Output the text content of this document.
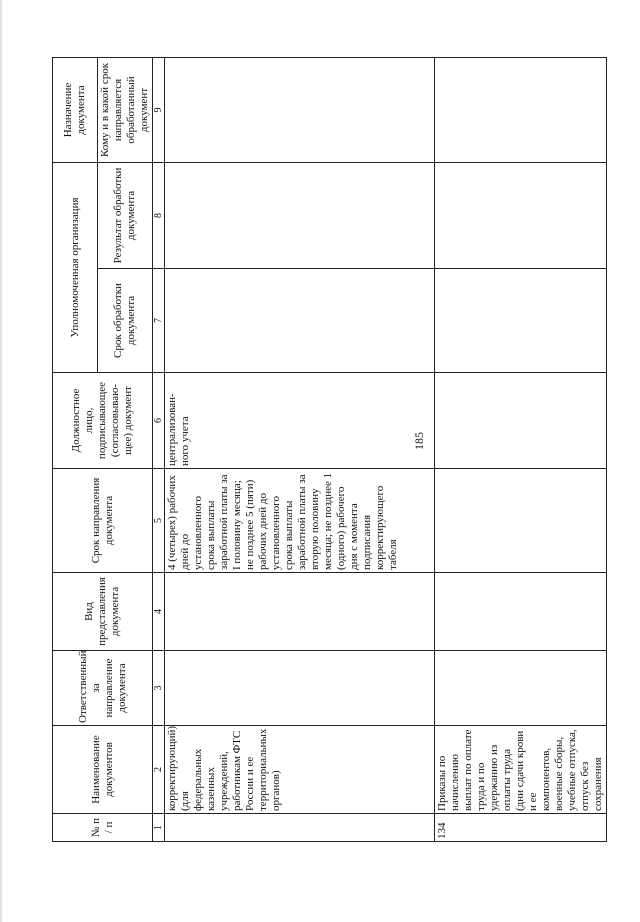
185
№ п / п	Наименование документов	Ответственный за направление документа	Вид представления документа	Срок направления документа	Должностное лицо, подписывающее (согласовываю-щее) документ	Уполномоченная организация		Назначение документа
						Срок обработки документа	Результат обработки документа	Кому и в какой срок направляется обработанный документ
1	2	3	4	5	6	7	8	9
	корректирующий) (для федеральных казенных учреждений, работникам ФТС России и ее территориальных органов)			4 (четырех) рабочих дней до установленного срока выплаты заработной платы за I половину месяца; не позднее 5 (пяти) рабочих дней до установленного срока выплаты заработной платы за вторую половину месяца; не позднее 1 (одного) рабочего дня с момента подписания корректирующего табеля	централизован-ного учета			
134	Приказы по начислению выплат по оплате труда и по удержанию из оплаты труда (дни сдачи крови и ее компонентов, военные сборы, учебные отпуска, отпуск без сохранения							
